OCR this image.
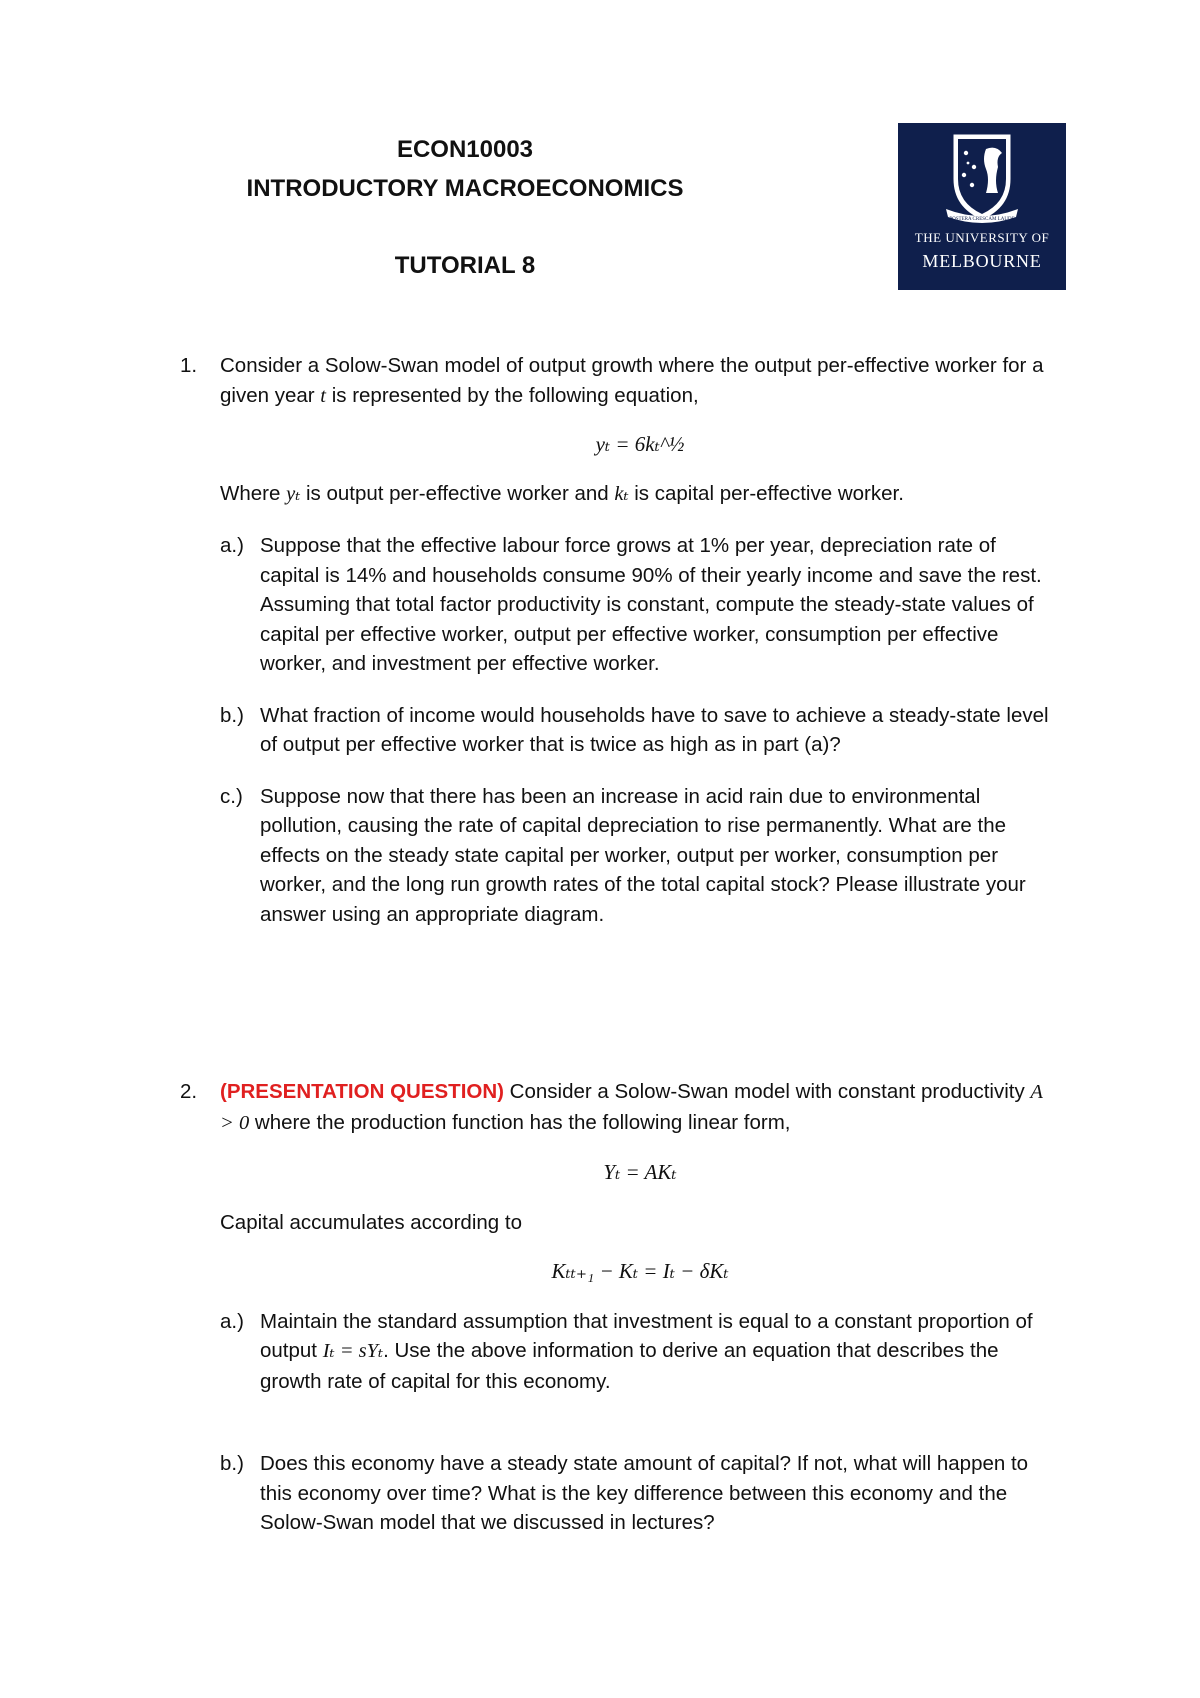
ECON10003
INTRODUCTORY MACROECONOMICS
TUTORIAL 8
POSTERA CRESCAM LAUDE
THE UNIVERSITY OF
MELBOURNE
1. Consider a Solow-Swan model of output growth where the output per-effective worker for a given year t is represented by the following equation,

yₜ = 6kₜ^½

Where yₜ is output per-effective worker and kₜ is capital per-effective worker.

a.) Suppose that the effective labour force grows at 1% per year, depreciation rate of capital is 14% and households consume 90% of their yearly income and save the rest. Assuming that total factor productivity is constant, compute the steady-state values of capital per effective worker, output per effective worker, consumption per effective worker, and investment per effective worker.
b.) What fraction of income would households have to save to achieve a steady-state level of output per effective worker that is twice as high as in part (a)?
c.) Suppose now that there has been an increase in acid rain due to environmental pollution, causing the rate of capital depreciation to rise permanently. What are the effects on the steady state capital per worker, output per worker, consumption per worker, and the long run growth rates of the total capital stock? Please illustrate your answer using an appropriate diagram.
2. (PRESENTATION QUESTION) Consider a Solow-Swan model with constant productivity A > 0 where the production function has the following linear form,

Yₜ = AKₜ

Capital accumulates according to

Kₜₜ₊₁ − Kₜ = Iₜ − δKₜ
a.) Maintain the standard assumption that investment is equal to a constant proportion of output Iₜ = sYₜ. Use the above information to derive an equation that describes the growth rate of capital for this economy.
b.) Does this economy have a steady state amount of capital? If not, what will happen to this economy over time? What is the key difference between this economy and the Solow-Swan model that we discussed in lectures?
